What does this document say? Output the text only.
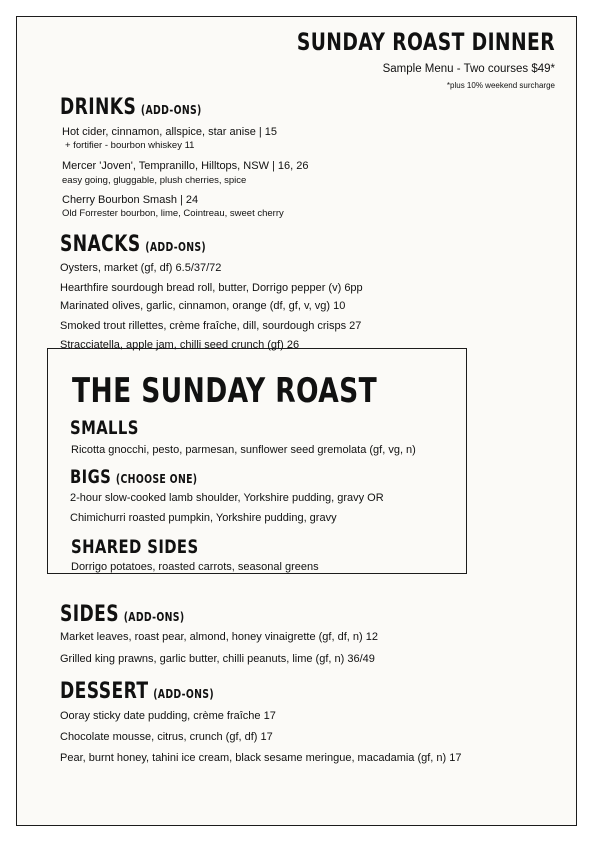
SUNDAY ROAST DINNER
Sample Menu - Two courses $49*
*plus 10% weekend surcharge
DRINKS (ADD-ONS)
Hot cider, cinnamon, allspice, star anise | 15
+ fortifier - bourbon whiskey 11
Mercer 'Joven', Tempranillo, Hilltops, NSW | 16, 26
easy going, gluggable, plush cherries, spice
Cherry Bourbon Smash | 24
Old Forrester bourbon, lime, Cointreau, sweet cherry
SNACKS (ADD-ONS)
Oysters, market (gf, df) 6.5/37/72
Hearthfire sourdough bread roll, butter, Dorrigo pepper (v) 6pp
Marinated olives, garlic, cinnamon, orange (df, gf, v, vg) 10
Smoked trout rillettes, crème fraîche, dill, sourdough crisps 27
Stracciatella, apple jam, chilli seed crunch (gf) 26
THE SUNDAY ROAST
SMALLS
Ricotta gnocchi, pesto, parmesan, sunflower seed gremolata (gf, vg, n)
BIGS (CHOOSE ONE)
2-hour slow-cooked lamb shoulder, Yorkshire pudding, gravy OR
Chimichurri roasted pumpkin, Yorkshire pudding, gravy
SHARED SIDES
Dorrigo potatoes, roasted carrots, seasonal greens
SIDES (ADD-ONS)
Market leaves, roast pear, almond, honey vinaigrette (gf, df, n) 12
Grilled king prawns, garlic butter, chilli peanuts, lime (gf, n) 36/49
DESSERT (ADD-ONS)
Ooray sticky date pudding, crème fraîche 17
Chocolate mousse, citrus, crunch (gf, df) 17
Pear, burnt honey, tahini ice cream, black sesame meringue, macadamia (gf, n) 17
